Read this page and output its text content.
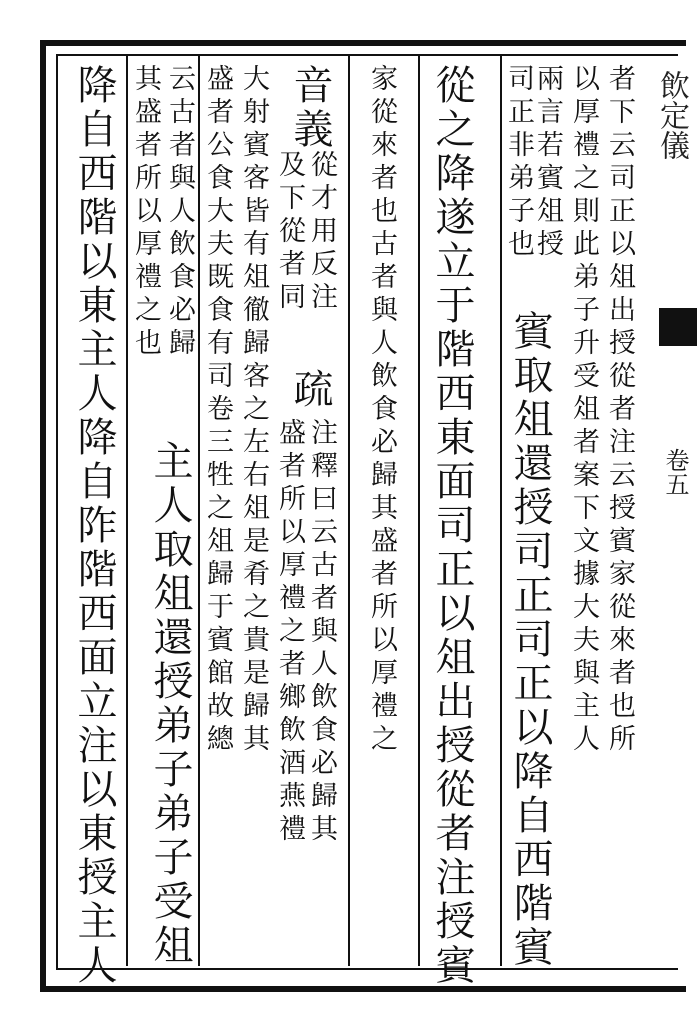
飲定儀
卷五
者下云司正以俎出授從者注云授賓家從來者也所
以厚禮之則此弟子升受俎者案下文據大夫與主人
兩言若賓俎授
司正非弟子也
賓取俎還授司正司正以降自西階賓
從之降遂立于階西東面司正以俎出授從者注授賓
家從來者也古者與人飲食必歸其盛者所以厚禮之
音義
從才用反注
及下從者同
疏
注釋曰云古者與人飲食必歸其
盛者所以厚禮之者鄉飲酒燕禮
大射賓客皆有俎徹歸客之左右俎是肴之貴是歸其
盛者公食大夫既食有司卷三牲之俎歸于賓館故總
云古者與人飲食必歸
其盛者所以厚禮之也
主人取俎還授弟子弟子受俎
降自西階以東主人降自阼階西面立注以東授主人
